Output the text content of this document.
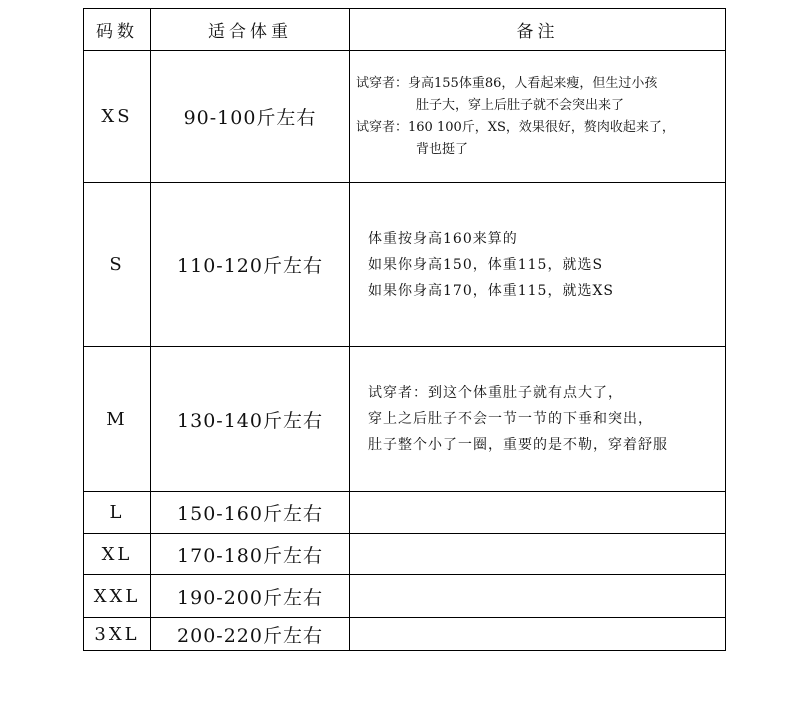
码数	适合体重	备注
XS	90-100斤左右	试穿者：身高155体重86，人看起来瘦，但生过小孩
肚子大，穿上后肚子就不会突出来了
试穿者：160 100斤，XS，效果很好，赘肉收起来了，
背也挺了

S	110-120斤左右	体重按身高160来算的
如果你身高150，体重115，就选S
如果你身高170，体重115，就选XS

M	130-140斤左右	试穿者：到这个体重肚子就有点大了，
穿上之后肚子不会一节一节的下垂和突出，
肚子整个小了一圈，重要的是不勒，穿着舒服

L	150-160斤左右	
XL	170-180斤左右	
XXL	190-200斤左右	
3XL	200-220斤左右	
